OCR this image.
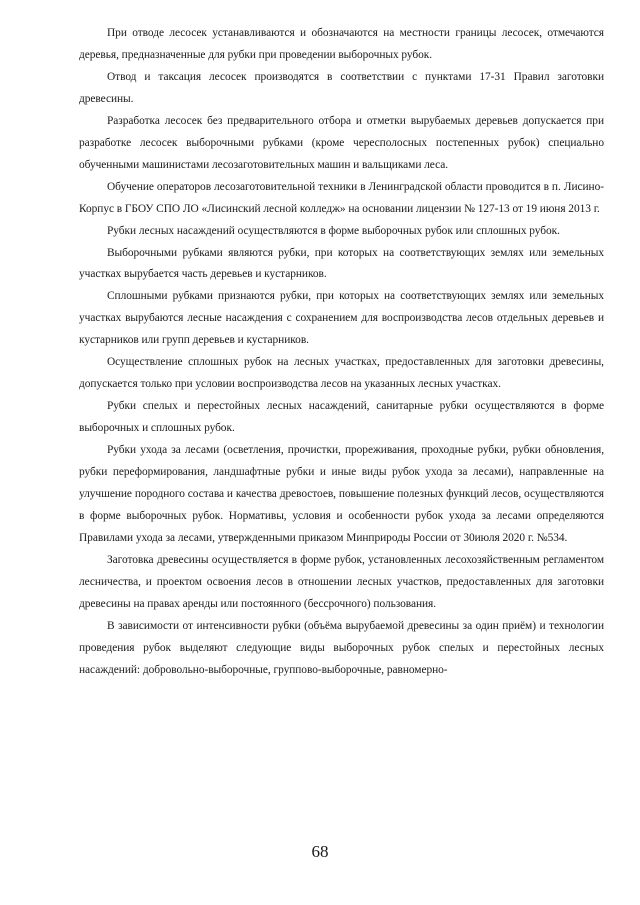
При отводе лесосек устанавливаются и обозначаются на местности границы лесосек, отмечаются деревья, предназначенные для рубки при проведении выборочных рубок.

Отвод и таксация лесосек производятся в соответствии с пунктами 17-31 Правил заготовки древесины.

Разработка лесосек без предварительного отбора и отметки вырубаемых деревьев допускается при разработке лесосек выборочными рубками (кроме чересполосных постепенных рубок) специально обученными машинистами лесозаготовительных машин и вальщиками леса.

Обучение операторов лесозаготовительной техники в Ленинградской области проводится в п. Лисино-Корпус в ГБОУ СПО ЛО «Лисинский лесной колледж» на основании лицензии № 127-13 от 19 июня 2013 г.

Рубки лесных насаждений осуществляются в форме выборочных рубок или сплошных рубок.

Выборочными рубками являются рубки, при которых на соответствующих землях или земельных участках вырубается часть деревьев и кустарников.

Сплошными рубками признаются рубки, при которых на соответствующих землях или земельных участках вырубаются лесные насаждения с сохранением для воспроизводства лесов отдельных деревьев и кустарников или групп деревьев и кустарников.

Осуществление сплошных рубок на лесных участках, предоставленных для заготовки древесины, допускается только при условии воспроизводства лесов на указанных лесных участках.

Рубки спелых и перестойных лесных насаждений, санитарные рубки осуществляются в форме выборочных и сплошных рубок.

Рубки ухода за лесами (осветления, прочистки, прореживания, проходные рубки, рубки обновления, рубки переформирования, ландшафтные рубки и иные виды рубок ухода за лесами), направленные на улучшение породного состава и качества древостоев, повышение полезных функций лесов, осуществляются в форме выборочных рубок. Нормативы, условия и особенности рубок ухода за лесами определяются Правилами ухода за лесами, утвержденными приказом Минприроды России от 30июля 2020 г. №534.

Заготовка древесины осуществляется в форме рубок, установленных лесохозяйственным регламентом лесничества, и проектом освоения лесов в отношении лесных участков, предоставленных для заготовки древесины на правах аренды или постоянного (бессрочного) пользования.

В зависимости от интенсивности рубки (объёма вырубаемой древесины за один приём) и технологии проведения рубок выделяют следующие виды выборочных рубок спелых и перестойных лесных насаждений: добровольно-выборочные, группово-выборочные, равномерно-

68
